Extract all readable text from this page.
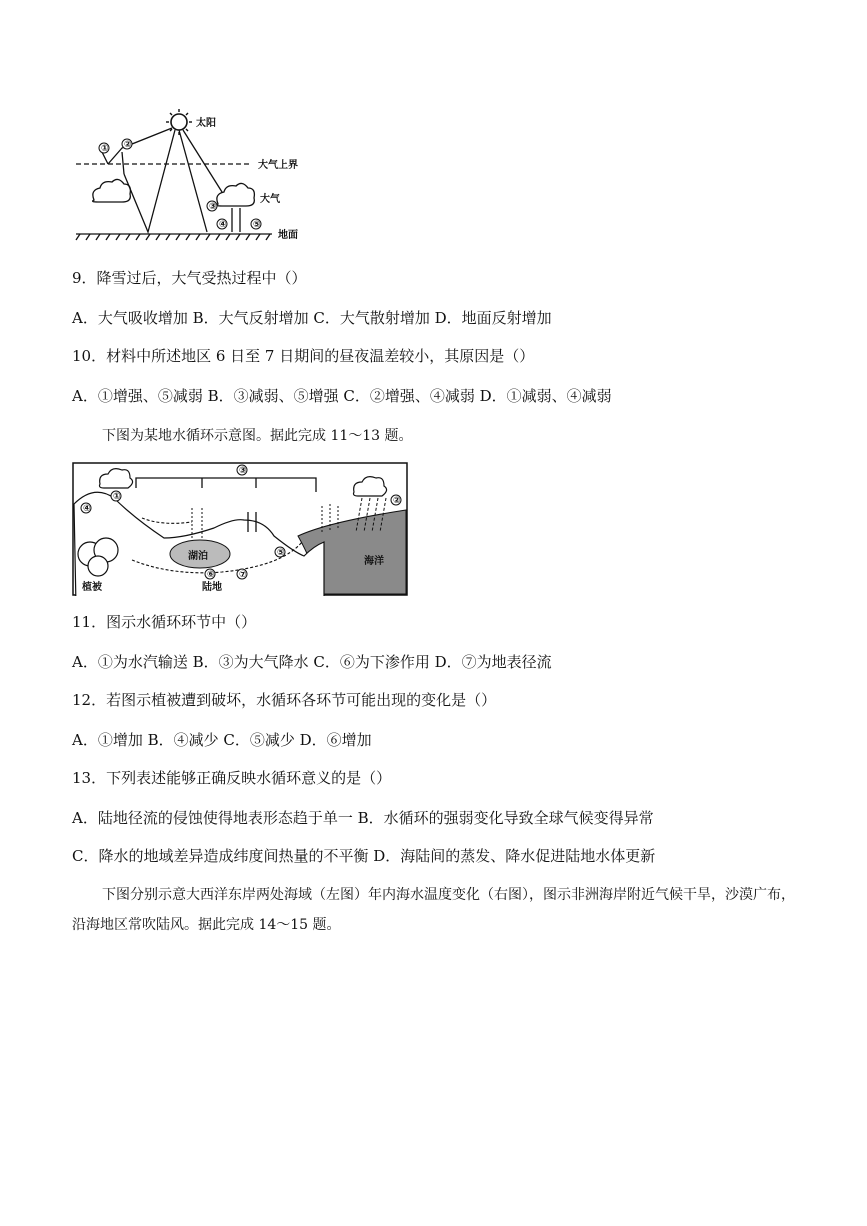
太阳
大气上界
大气
① ②
③
④	⑤
地面
9．降雪过后，大气受热过程中（）
A．大气吸收增加 B．大气反射增加 C．大气散射增加 D．地面反射增加
10．材料中所述地区 6 日至 7 日期间的昼夜温差较小，其原因是（）
A．①增强、⑤减弱 B．③减弱、⑤增强 C．②增强、④减弱 D．①减弱、④减弱
下图为某地水循环示意图。据此完成 11～13 题。
湖泊
植被
①	②
③
④
⑤
⑥	⑦
陆地
海洋
11．图示水循环环节中（）
A．①为水汽输送 B．③为大气降水 C．⑥为下渗作用 D．⑦为地表径流
12．若图示植被遭到破坏，水循环各环节可能出现的变化是（）
A．①增加 B．④减少 C．⑤减少 D．⑥增加
13．下列表述能够正确反映水循环意义的是（）
A．陆地径流的侵蚀使得地表形态趋于单一 B．水循环的强弱变化导致全球气候变得异常
C．降水的地域差异造成纬度间热量的不平衡 D．海陆间的蒸发、降水促进陆地水体更新
下图分别示意大西洋东岸两处海域（左图）年内海水温度变化（右图），图示非洲海岸附近气候干旱，沙漠广布，沿海地区常吹陆风。据此完成 14～15 题。
